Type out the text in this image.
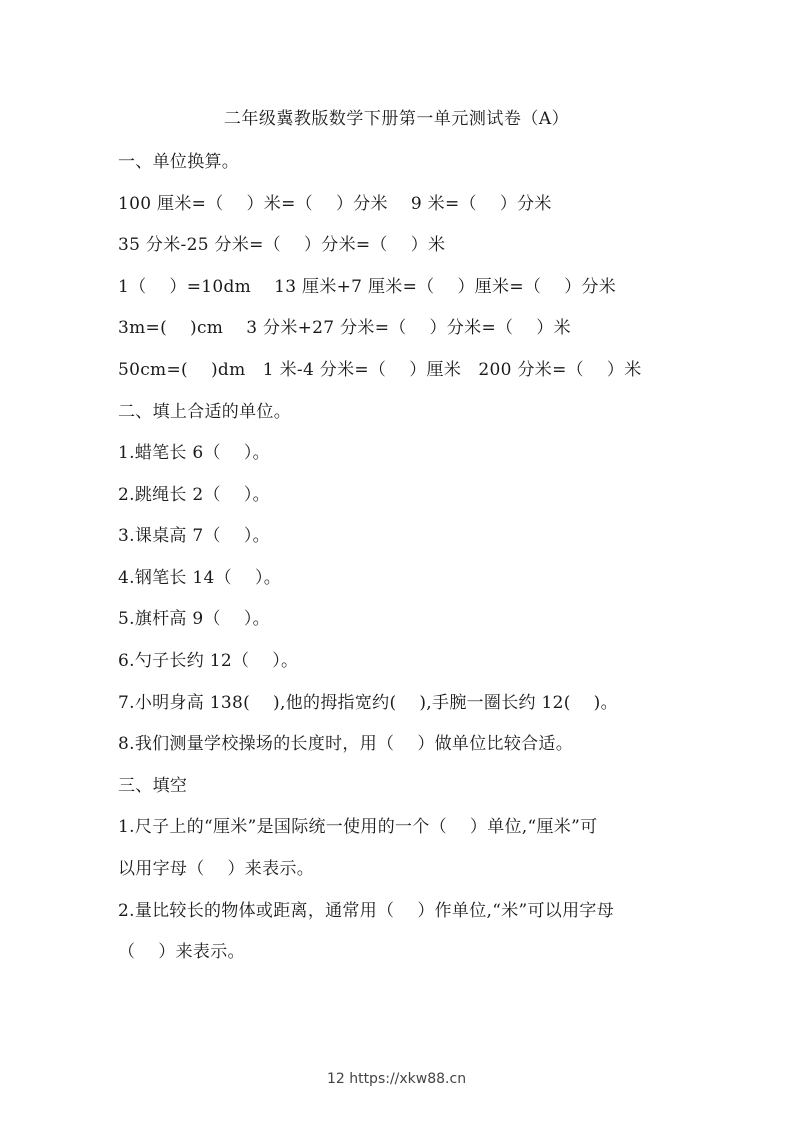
二年级冀教版数学下册第一单元测试卷（A）
一、单位换算。
100 厘米=（　 ）米=（　 ）分米　 9 米=（　 ）分米
35 分米-25 分米=（　 ）分米=（　 ）米
1（　 ）=10dm　 13 厘米+7 厘米=（　 ）厘米=（　 ）分米
3m=(　 )cm　 3 分米+27 分米=（　 ）分米=（　 ）米
50cm=(　 )dm　1 米-4 分米=（　 ）厘米　200 分米=（　 ）米
二、填上合适的单位。
1.蜡笔长 6（　 ）。
2.跳绳长 2（　 ）。
3.课桌高 7（　 ）。
4.钢笔长 14（　 ）。
5.旗杆高 9（　 ）。
6.勺子长约 12（　 ）。
7.小明身高 138(　 ),他的拇指宽约(　 ),手腕一圈长约 12(　 )。
8.我们测量学校操场的长度时，用（　 ）做单位比较合适。
三、填空
1.尺子上的“厘米”是国际统一使用的一个（　 ）单位,“厘米”可
以用字母（　 ）来表示。
2.量比较长的物体或距离，通常用（　 ）作单位,“米”可以用字母
（　 ）来表示。
12 https://xkw88.cn
